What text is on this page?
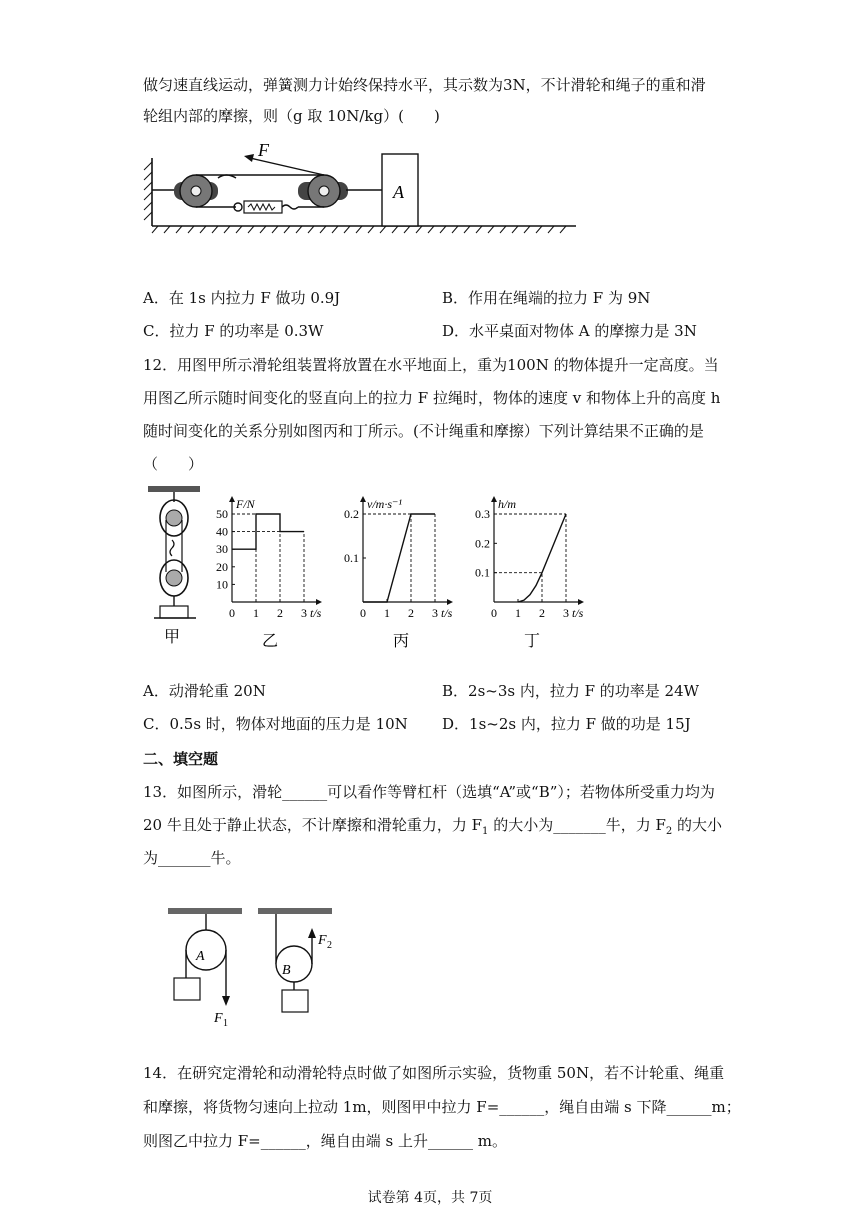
做匀速直线运动，弹簧测力计始终保持水平，其示数为3N，不计滑轮和绳子的重和滑
轮组内部的摩擦，则（g 取 10N/kg）(　　)
F
A
A．在 1s 内拉力 F 做功 0.9J	B．作用在绳端的拉力 F 为 9N
C．拉力 F 的功率是 0.3W	D．水平桌面对物体 A 的摩擦力是 3N
12．用图甲所示滑轮组装置将放置在水平地面上，重为100N 的物体提升一定高度。当
用图乙所示随时间变化的竖直向上的拉力 F 拉绳时，物体的速度 v 和物体上升的高度 h
随时间变化的关系分别如图丙和丁所示。(不计绳重和摩擦）下列计算结果不正确的是
（　　）
甲
F/N
t/s
0 1 2 3
10
20
30
40
50
乙
v/m·s⁻¹
t/s
0 1 2 3
0.1
0.2
丙
h/m
t/s
0 1 2 3
0.1
0.2
0.3
丁
A．动滑轮重 20N	B．2s~3s 内，拉力 F 的功率是 24W
C．0.5s 时，物体对地面的压力是 10N D．1s~2s 内，拉力 F 做的功是 15J
二、填空题
13．如图所示，滑轮______可以看作等臂杠杆（选填“A”或“B”）；若物体所受重力均为
20 牛且处于静止状态，不计摩擦和滑轮重力，力 $F_1$ 的大小为_______牛，力 $F_2$ 的大小
为_______牛。
A
F 1
B
F 2
14．在研究定滑轮和动滑轮特点时做了如图所示实验，货物重 50N，若不计轮重、绳重
和摩擦，将货物匀速向上拉动 1m，则图甲中拉力 F=______，绳自由端 s 下降______m；
则图乙中拉力 F=______，绳自由端 s 上升______ m。
试卷第 4页，共 7页
